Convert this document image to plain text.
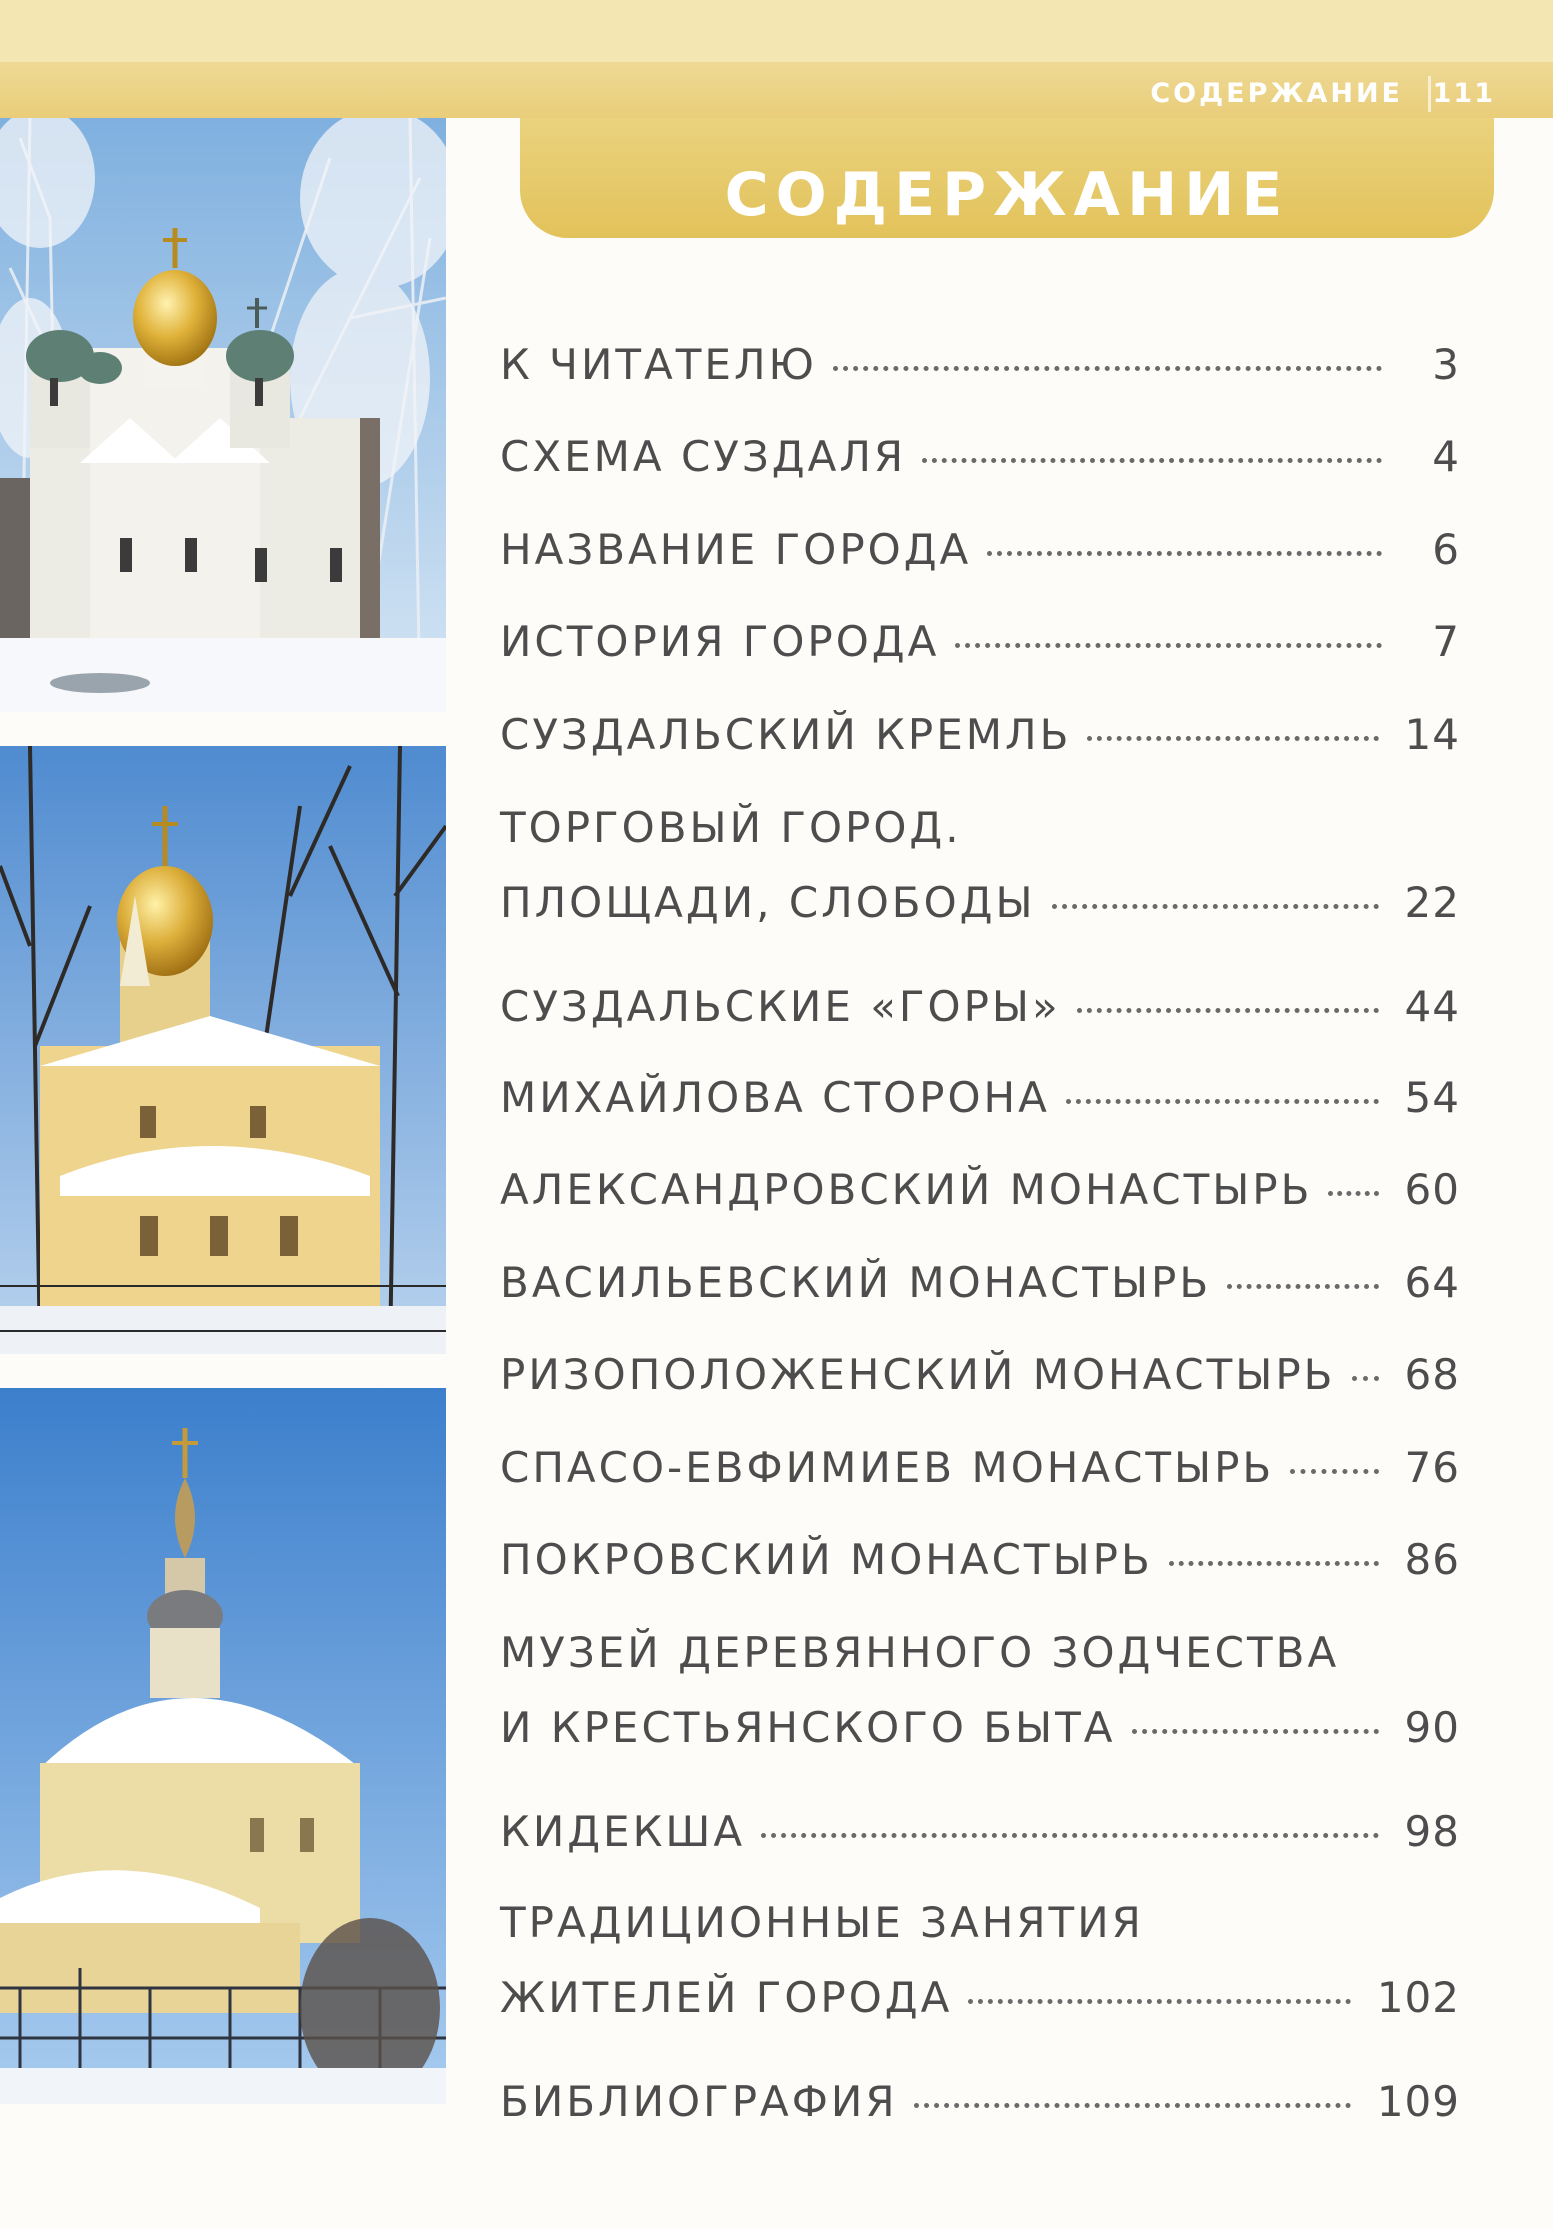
СОДЕРЖАНИЕ 111
СОДЕРЖАНИЕ
К ЧИТАТЕЛЮ	3
СХЕМА СУЗДАЛЯ	4
НАЗВАНИЕ ГОРОДА	6
ИСТОРИЯ ГОРОДА	7
СУЗДАЛЬСКИЙ КРЕМЛЬ	14
ТОРГОВЫЙ ГОРОД.
ПЛОЩАДИ, СЛОБОДЫ	22
СУЗДАЛЬСКИЕ «ГОРЫ»	44
МИХАЙЛОВА СТОРОНА	54
АЛЕКСАНДРОВСКИЙ МОНАСТЫРЬ 60
ВАСИЛЬЕВСКИЙ МОНАСТЫРЬ	64
РИЗОПОЛОЖЕНСКИЙ МОНАСТЫРЬ 68
СПАСО-ЕВФИМИЕВ МОНАСТЫРЬ	76
ПОКРОВСКИЙ МОНАСТЫРЬ	86
МУЗЕЙ ДЕРЕВЯННОГО ЗОДЧЕСТВА
И КРЕСТЬЯНСКОГО БЫТА	90
КИДЕКША	98
ТРАДИЦИОННЫЕ ЗАНЯТИЯ
ЖИТЕЛЕЙ ГОРОДА	102
БИБЛИОГРАФИЯ	109
